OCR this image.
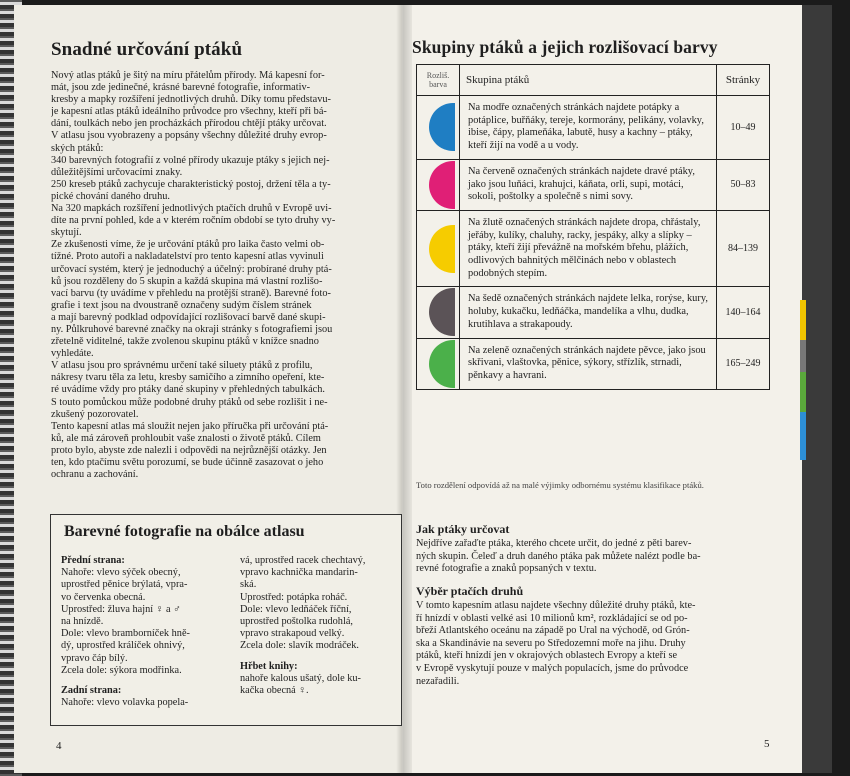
Snadné určování ptáků
Nový atlas ptáků je šitý na míru přátelům přírody. Má kapesní for-
mát, jsou zde jedinečné, krásné barevné fotografie, informativ-
kresby a mapky rozšíření jednotlivých druhů. Díky tomu představu-
je kapesní atlas ptáků ideálního průvodce pro všechny, kteří při bá-
dání, toulkách nebo jen procházkách přírodou chtějí ptáky určovat.
V atlasu jsou vyobrazeny a popsány všechny důležité druhy evrop-
ských ptáků:
340 barevných fotografií z volné přírody ukazuje ptáky s jejich nej-
důležitějšími určovacími znaky.
250 kreseb ptáků zachycuje charakteristický postoj, držení těla a ty-
pické chování daného druhu.
Na 320 mapkách rozšíření jednotlivých ptačích druhů v Evropě uvi-
díte na první pohled, kde a v kterém ročním období se tyto druhy vy-
skytují.
Ze zkušenosti víme, že je určování ptáků pro laika často velmi ob-
tížné. Proto autoři a nakladatelství pro tento kapesní atlas vyvinuli
určovací systém, který je jednoduchý a účelný: probírané druhy ptá-
ků jsou rozděleny do 5 skupin a každá skupina má vlastní rozlišo-
vací barvu (ty uvádíme v přehledu na protější straně). Barevné foto-
grafie i text jsou na dvoustraně označeny sudým číslem stránek
a mají barevný podklad odpovídající rozlišovací barvě dané skupi-
ny. Půlkruhové barevné značky na okraji stránky s fotografiemi jsou
zřetelně viditelné, takže zvolenou skupinu ptáků v knížce snadno
vyhledáte.
V atlasu jsou pro správnému určení také siluety ptáků z profilu,
nákresy tvaru těla za letu, kresby samičího a zimního opeření, kte-
ré uvádíme vždy pro ptáky dané skupiny v přehledných tabulkách.
S touto pomůckou může podobné druhy ptáků od sebe rozlišit i ne-
zkušený pozorovatel.
Tento kapesní atlas má sloužit nejen jako příručka při určování ptá-
ků, ale má zároveň prohloubit vaše znalosti o životě ptáků. Cílem
proto bylo, abyste zde nalezli i odpovědi na nejrůznější otázky. Jen
ten, kdo ptačímu světu porozumí, se bude účinně zasazovat o jeho
ochranu a zachování.
Barevné fotografie na obálce atlasu
Přední strana:
Nahoře: vlevo sýček obecný,
uprostřed pěnice brýlatá, vpra-
vo červenka obecná.
Uprostřed: žluva hajní ♀ a ♂
na hnízdě.
Dole: vlevo bramborníček hně-
dý, uprostřed králíček ohnivý,
vpravo čáp bílý.
Zcela dole: sýkora modřinka.
Zadní strana:
Nahoře: vlevo volavka popela-
vá, uprostřed racek chechtavý,
vpravo kachnička mandarin-
ská.
Uprostřed: potápka roháč.
Dole: vlevo ledňáček říční,
uprostřed poštolka rudohlá,
vpravo strakapoud velký.
Zcela dole: slavík modráček.
Hřbet knihy:
nahoře kalous ušatý, dole ku-
kačka obecná ♀.
4
Skupiny ptáků a jejich rozlišovací barvy
Rozliš. barva	Skupina ptáků	Stránky

	Na modře označených stránkách najdete potápky a potáplice, buřňáky, tereje, kormorány, pelikány, volavky, ibise, čápy, plameňáka, labutě, husy a kachny – ptáky, kteří žijí na vodě a u vody.	10–49

	Na červeně označených stránkách najdete dravé ptáky, jako jsou luňáci, krahujci, káňata, orli, supi, motáci, sokoli, poštolky a společně s nimi sovy.	50–83

	Na žlutě označených stránkách najdete dropa, chřástaly, jeřáby, kulíky, chaluhy, racky, jespáky, alky a slípky – ptáky, kteří žijí převážně na mořském břehu, plážích, odlivových bahnitých mělčinách nebo v oblastech podobných stepím.	84–139

	Na šedě označených stránkách najdete lelka, rorýse, kury, holuby, kukačku, ledňáčka, mandelíka a vlhu, dudka, krutihlava a strakapoudy.	140–164

	Na zeleně označených stránkách najdete pěvce, jako jsou skřivani, vlaštovka, pěnice, sýkory, střízlík, strnadi, pěnkavy a havrani.	165–249
Toto rozdělení odpovídá až na malé výjimky odbornému systému klasifikace ptáků.
Jak ptáky určovat
Nejdříve zařaďte ptáka, kterého chcete určit, do jedné z pěti barev-
ných skupin. Čeleď a druh daného ptáka pak můžete nalézt podle ba-
revné fotografie a znaků popsaných v textu.
Výběr ptačích druhů
V tomto kapesním atlasu najdete všechny důležité druhy ptáků, kte-
ří hnízdí v oblasti velké asi 10 milionů km², rozkládající se od po-
břeží Atlantského oceánu na západě po Ural na východě, od Grón-
ska a Skandinávie na severu po Středozemní moře na jihu. Druhy
ptáků, kteří hnízdí jen v okrajových oblastech Evropy a kteří se
v Evropě vyskytují pouze v malých populacích, jsme do průvodce
nezařadili.
5
